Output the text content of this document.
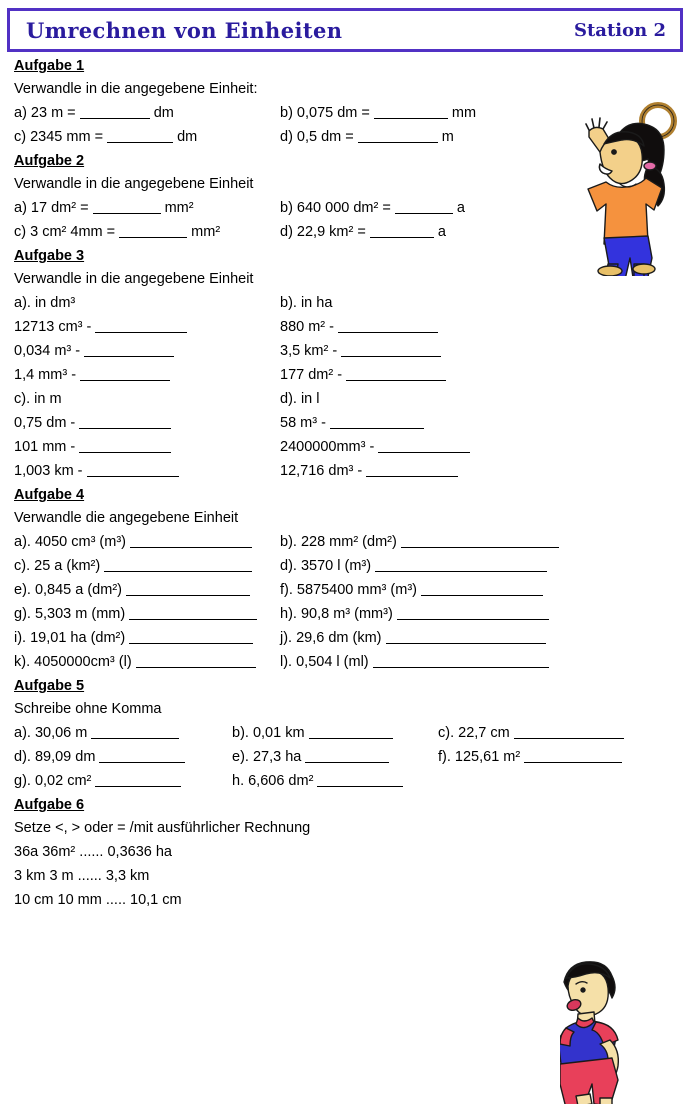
Umrechnen von Einheiten	Station 2
Aufgabe 1
Verwandle in die angegebene Einheit:
a) 23 m =	dm	b) 0,075 dm =	mm
c) 2345 mm =	dm	d) 0,5 dm =	m
Aufgabe 2
Verwandle in die angegebene Einheit
a) 17 dm² =	mm²	b) 640 000 dm² =	a
c) 3 cm² 4mm =	mm²	d) 22,9 km² =	a
Aufgabe 3
Verwandle in die angegebene Einheit
a). in dm³	b). in ha
12713 cm³ -	880 m² -
0,034 m³ -	3,5 km² -
1,4 mm³ -	177 dm² -
c). in m	d). in l
0,75 dm -	58 m³ -
101 mm -	2400000mm³ -
1,003 km -	12,716 dm³ -
Aufgabe 4
Verwandle die angegebene Einheit
a). 4050 cm³ (m³)	b). 228 mm² (dm²)
c). 25 a (km²)	d). 3570 l (m³)
e). 0,845 a (dm²)	f). 5875400 mm³ (m³)
g). 5,303 m (mm)	h). 90,8 m³ (mm³)
i). 19,01 ha (dm²)	j). 29,6 dm (km)
k). 4050000cm³ (l)	l). 0,504 l (ml)
Aufgabe 5
Schreibe ohne Komma
a). 30,06 m	b). 0,01 km	c). 22,7 cm
d). 89,09 dm	e). 27,3 ha	f). 125,61 m²
g). 0,02 cm²	h. 6,606 dm²
Aufgabe 6
Setze <, > oder = /mit ausführlicher Rechnung
36a 36m² ...... 0,3636 ha
3 km 3 m ...... 3,3 km
10 cm 10 mm ..... 10,1 cm
